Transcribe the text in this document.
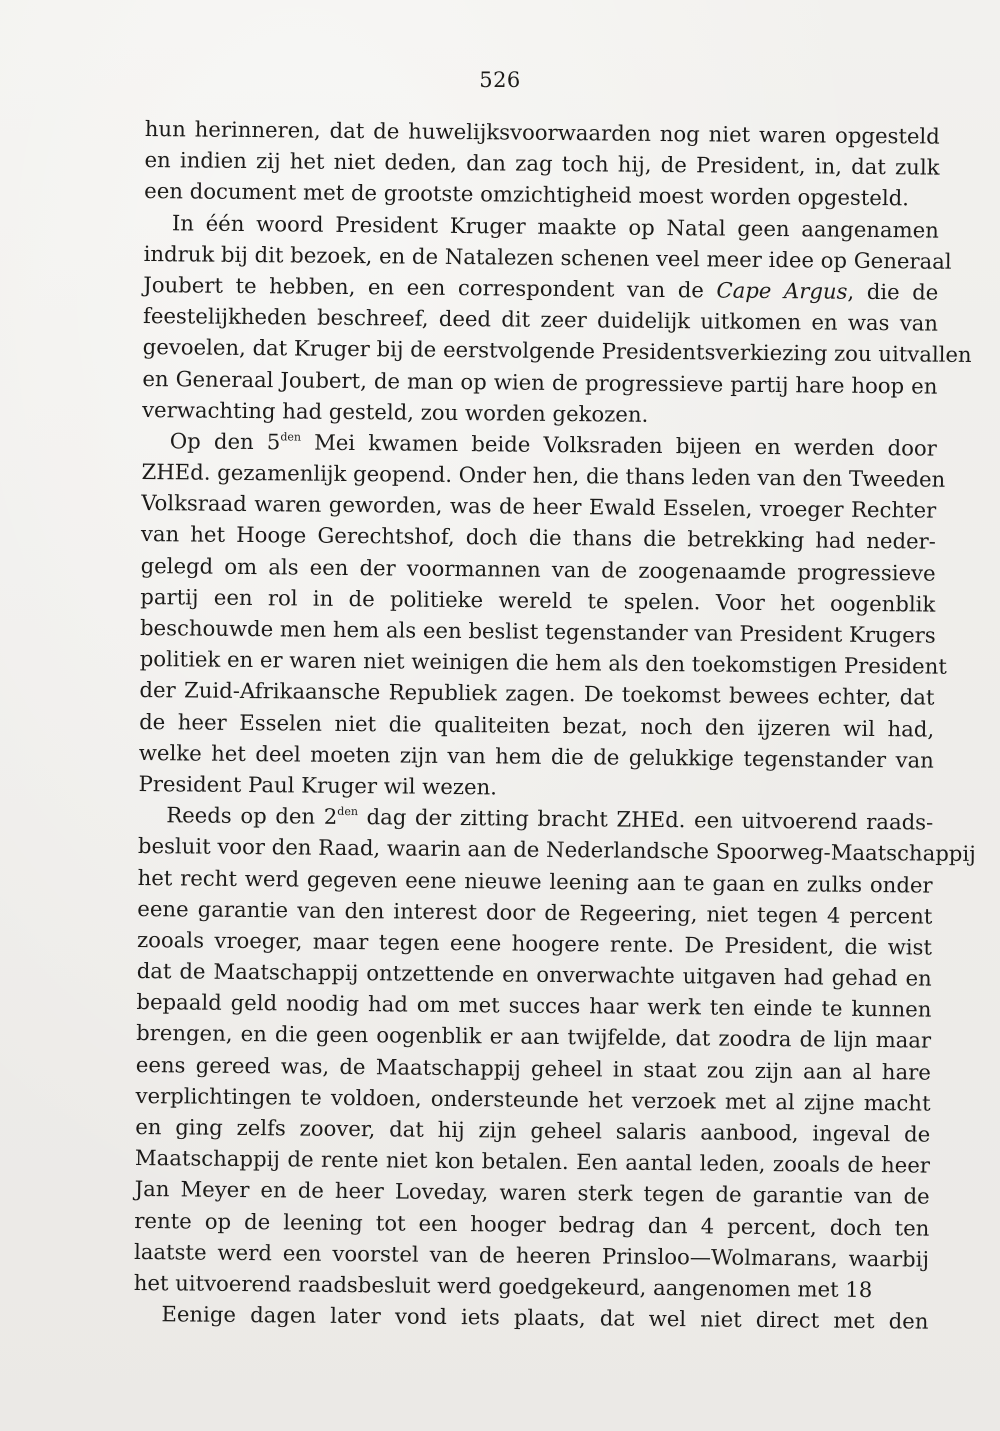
526

hun herinneren, dat de huwelijksvoorwaarden nog niet waren opgesteld
en indien zij het niet deden, dan zag toch hij, de President, in, dat zulk
een document met de grootste omzichtigheid moest worden opgesteld.

In één woord President Kruger maakte op Natal geen aangenamen
indruk bij dit bezoek, en de Natalezen schenen veel meer idee op Generaal
Joubert te hebben, en een correspondent van de Cape Argus, die de
feestelijkheden beschreef, deed dit zeer duidelijk uitkomen en was van
gevoelen, dat Kruger bij de eerstvolgende Presidentsverkiezing zou uitvallen
en Generaal Joubert, de man op wien de progressieve partij hare hoop en
verwachting had gesteld, zou worden gekozen.

Op den $5^{den}$ Mei kwamen beide Volksraden bijeen en werden door
ZHEd. gezamenlijk geopend. Onder hen, die thans leden van den Tweeden
Volksraad waren geworden, was de heer Ewald Esselen, vroeger Rechter
van het Hooge Gerechtshof, doch die thans die betrekking had neder-
gelegd om als een der voormannen van de zoogenaamde progressieve
partij een rol in de politieke wereld te spelen. Voor het oogenblik
beschouwde men hem als een beslist tegenstander van President Krugers
politiek en er waren niet weinigen die hem als den toekomstigen President
der Zuid-Afrikaansche Republiek zagen. De toekomst bewees echter, dat
de heer Esselen niet die qualiteiten bezat, noch den ijzeren wil had,
welke het deel moeten zijn van hem die de gelukkige tegenstander van
President Paul Kruger wil wezen.

Reeds op den $2^{den}$ dag der zitting bracht ZHEd. een uitvoerend raads-
besluit voor den Raad, waarin aan de Nederlandsche Spoorweg-Maatschappij
het recht werd gegeven eene nieuwe leening aan te gaan en zulks onder
eene garantie van den interest door de Regeering, niet tegen 4 percent
zooals vroeger, maar tegen eene hoogere rente. De President, die wist
dat de Maatschappij ontzettende en onverwachte uitgaven had gehad en
bepaald geld noodig had om met succes haar werk ten einde te kunnen
brengen, en die geen oogenblik er aan twijfelde, dat zoodra de lijn maar
eens gereed was, de Maatschappij geheel in staat zou zijn aan al hare
verplichtingen te voldoen, ondersteunde het verzoek met al zijne macht
en ging zelfs zoover, dat hij zijn geheel salaris aanbood, ingeval de
Maatschappij de rente niet kon betalen. Een aantal leden, zooals de heer
Jan Meyer en de heer Loveday, waren sterk tegen de garantie van de
rente op de leening tot een hooger bedrag dan 4 percent, doch ten
laatste werd een voorstel van de heeren Prinsloo—Wolmarans, waarbij
het uitvoerend raadsbesluit werd goedgekeurd, aangenomen met 18

Eenige dagen later vond iets plaats, dat wel niet direct met den
